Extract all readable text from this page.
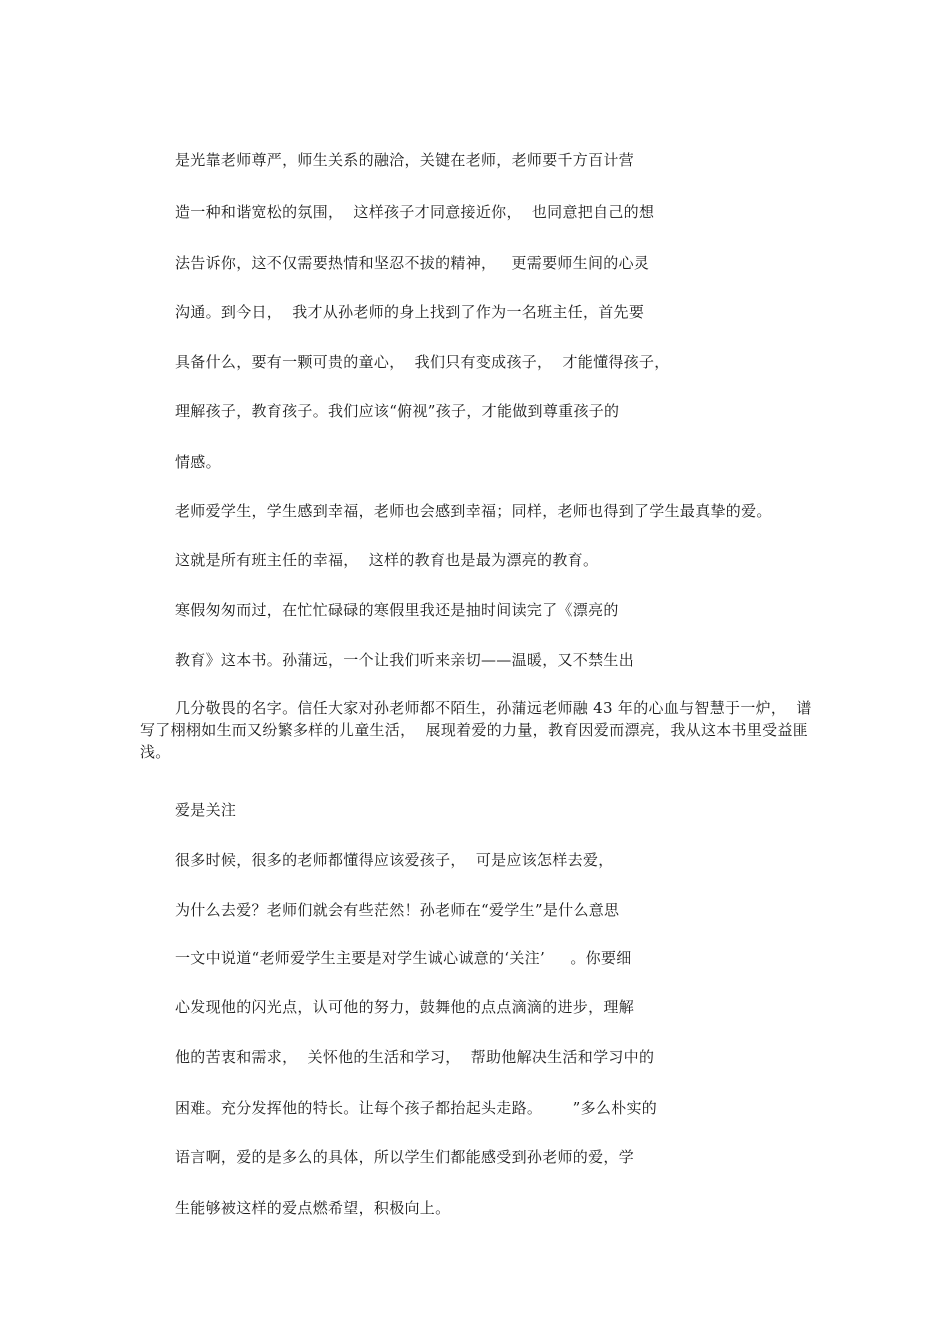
是光靠老师尊严，师生关系的融洽，关键在老师，老师要千方百计营
造一种和谐宽松的氛围，  这样孩子才同意接近你，  也同意把自己的想
法告诉你，这不仅需要热情和坚忍不拔的精神，   更需要师生间的心灵
沟通。到今日，  我才从孙老师的身上找到了作为一名班主任，首先要
具备什么，要有一颗可贵的童心，  我们只有变成孩子，  才能懂得孩子，
理解孩子，教育孩子。我们应该“俯视”孩子，才能做到尊重孩子的
情感。
老师爱学生，学生感到幸福，老师也会感到幸福；同样，老师也得到了学生最真挚的爱。
这就是所有班主任的幸福，  这样的教育也是最为漂亮的教育。
寒假匆匆而过，在忙忙碌碌的寒假里我还是抽时间读完了《漂亮的
教育》这本书。孙蒲远，一个让我们听来亲切——温暖，又不禁生出
几分敬畏的名字。信任大家对孙老师都不陌生，孙蒲远老师融 43 年的心血与智慧于一炉，  谱写了栩栩如生而又纷繁多样的儿童生活，  展现着爱的力量，教育因爱而漂亮，我从这本书里受益匪浅。
爱是关注
很多时候，很多的老师都懂得应该爱孩子，  可是应该怎样去爱，
为什么去爱？老师们就会有些茫然！孙老师在“爱学生”是什么意思
一文中说道“老师爱学生主要是对学生诚心诚意的‘关注’     。你要细
心发现他的闪光点，认可他的努力，鼓舞他的点点滴滴的进步，理解
他的苦衷和需求，  关怀他的生活和学习，  帮助他解决生活和学习中的
困难。充分发挥他的特长。让每个孩子都抬起头走路。      ”多么朴实的
语言啊，爱的是多么的具体，所以学生们都能感受到孙老师的爱，学
生能够被这样的爱点燃希望，积极向上。
